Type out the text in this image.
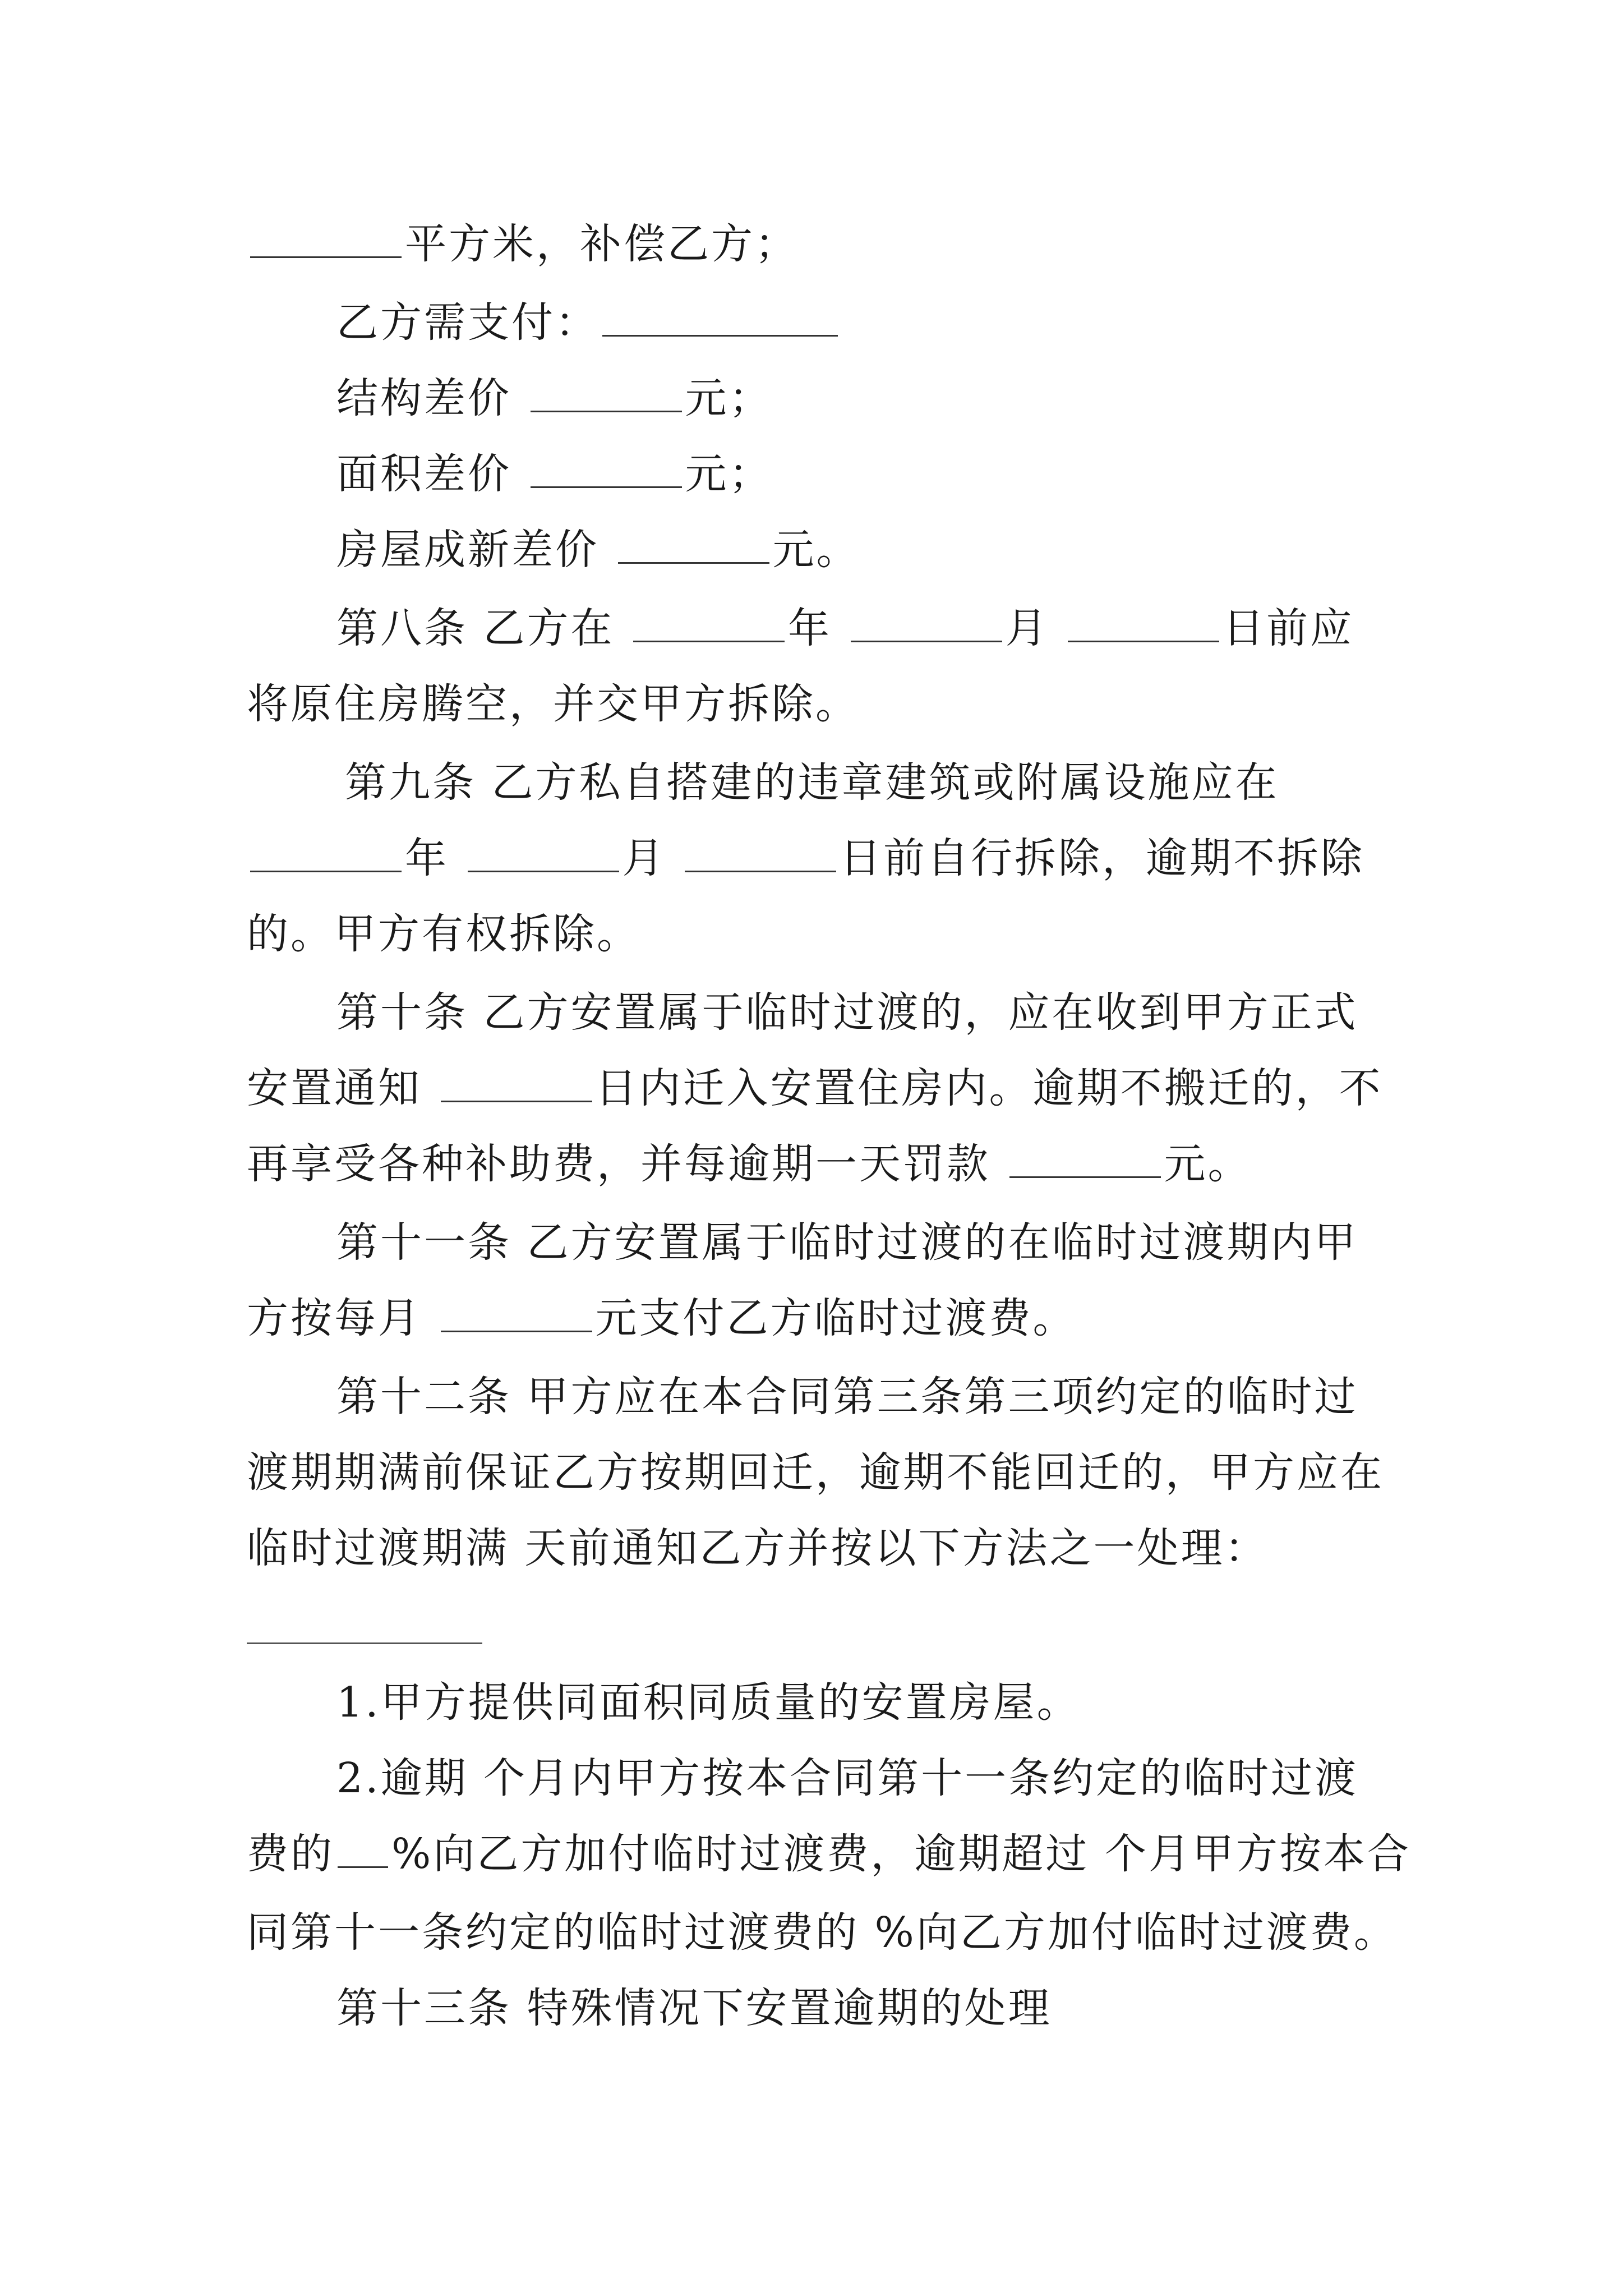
平方米，补偿乙方；
乙方需支付：
结构差价	元；
面积差价	元；
房屋成新差价	元。
第八条 乙方在	年	月	日前应
将原住房腾空，并交甲方拆除。
第九条 乙方私自搭建的违章建筑或附属设施应在
年	月	日前自行拆除，逾期不拆除
的。甲方有权拆除。
第十条 乙方安置属于临时过渡的，应在收到甲方正式
安置通知	日内迁入安置住房内。逾期不搬迁的，不
再享受各种补助费，并每逾期一天罚款	元。
第十一条 乙方安置属于临时过渡的在临时过渡期内甲
方按每月	元支付乙方临时过渡费。
第十二条 甲方应在本合同第三条第三项约定的临时过
渡期期满前保证乙方按期回迁，逾期不能回迁的，甲方应在
临时过渡期满 天前通知乙方并按以下方法之一处理：
1.甲方提供同面积同质量的安置房屋。
2.逾期 个月内甲方按本合同第十一条约定的临时过渡
费的 %向乙方加付临时过渡费，逾期超过 个月甲方按本合
同第十一条约定的临时过渡费的 %向乙方加付临时过渡费。
第十三条 特殊情况下安置逾期的处理
